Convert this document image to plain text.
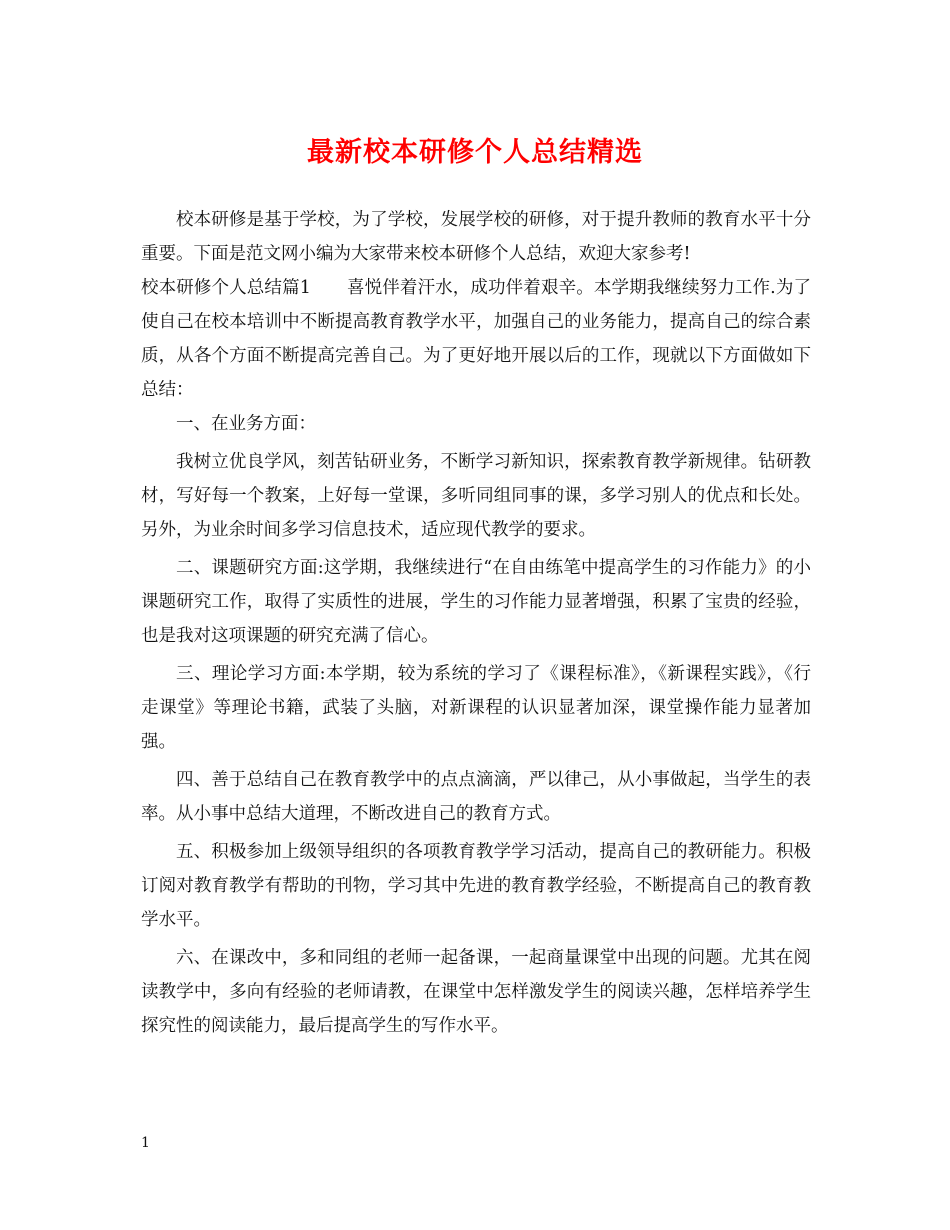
最新校本研修个人总结精选

校本研修是基于学校，为了学校，发展学校的研修，对于提升教师的教育水平十分重要。下面是范文网小编为大家带来校本研修个人总结，欢迎大家参考!

校本研修个人总结篇1 喜悦伴着汗水，成功伴着艰辛。本学期我继续努力工作.为了使自己在校本培训中不断提高教育教学水平，加强自己的业务能力，提高自己的综合素质，从各个方面不断提高完善自己。为了更好地开展以后的工作，现就以下方面做如下总结：

一、在业务方面：

我树立优良学风，刻苦钻研业务，不断学习新知识，探索教育教学新规律。钻研教材，写好每一个教案，上好每一堂课，多听同组同事的课，多学习别人的优点和长处。另外，为业余时间多学习信息技术，适应现代教学的要求。

二、课题研究方面:这学期，我继续进行“在自由练笔中提高学生的习作能力》的小课题研究工作，取得了实质性的进展，学生的习作能力显著增强，积累了宝贵的经验，也是我对这项课题的研究充满了信心。

三、理论学习方面:本学期，较为系统的学习了《课程标准》，《新课程实践》，《行走课堂》等理论书籍，武装了头脑，对新课程的认识显著加深，课堂操作能力显著加强。

四、善于总结自己在教育教学中的点点滴滴，严以律己，从小事做起，当学生的表率。从小事中总结大道理，不断改进自己的教育方式。

五、积极参加上级领导组织的各项教育教学学习活动，提高自己的教研能力。积极订阅对教育教学有帮助的刊物，学习其中先进的教育教学经验，不断提高自己的教育教学水平。

六、在课改中，多和同组的老师一起备课，一起商量课堂中出现的问题。尤其在阅读教学中，多向有经验的老师请教，在课堂中怎样激发学生的阅读兴趣，怎样培养学生探究性的阅读能力，最后提高学生的写作水平。

1
